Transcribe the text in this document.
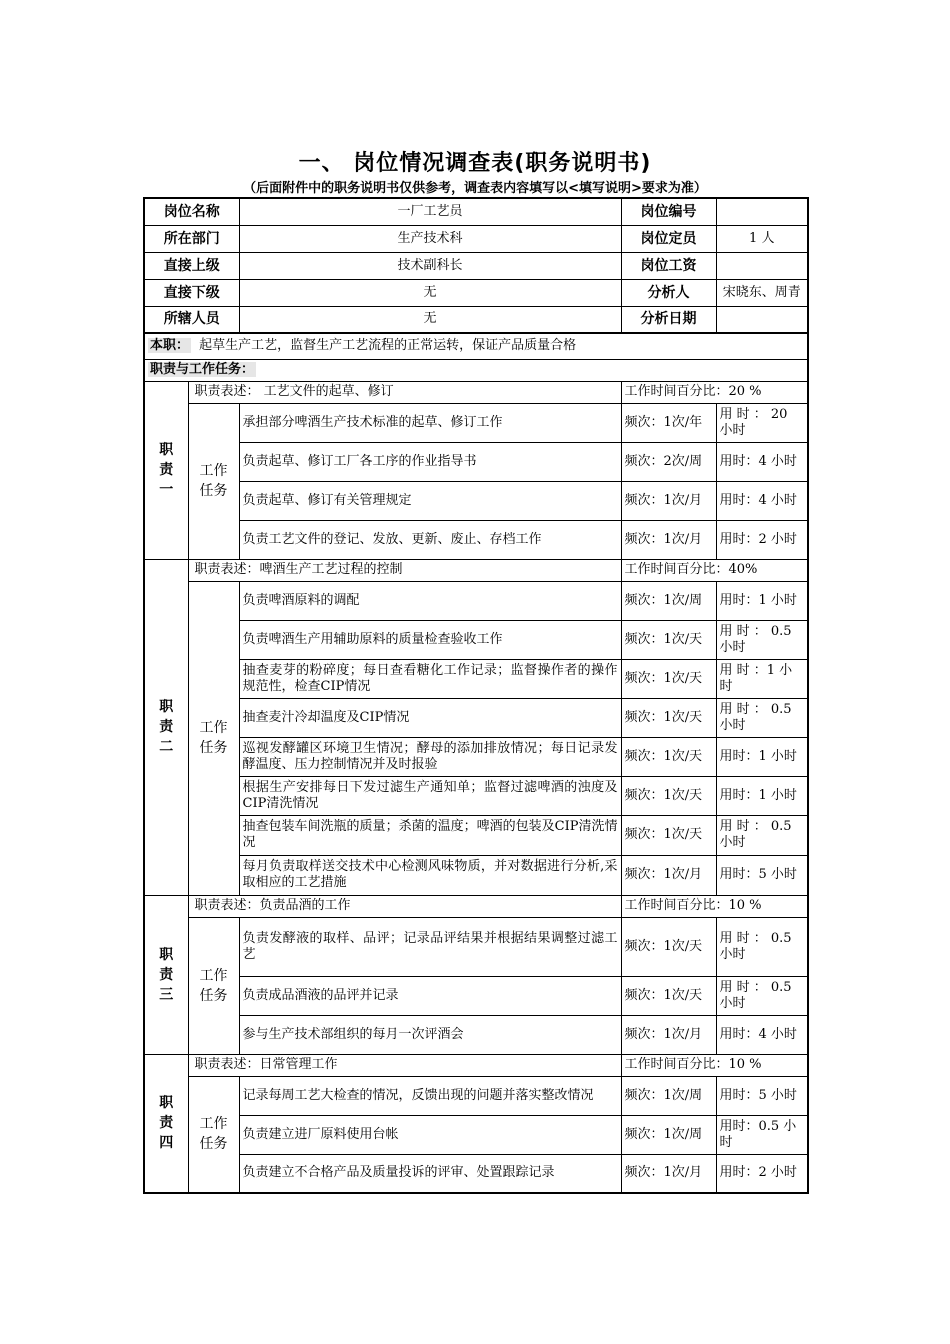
一、 岗位情况调查表(职务说明书)
（后面附件中的职务说明书仅供参考，调查表内容填写以<填写说明>要求为准）
岗位名称		一厂工艺员	岗位编号	
所在部门		生产技术科	岗位定员	1 人
直接上级		技术副科长	岗位工资	
直接下级		无	分析人	宋晓东、周青
所辖人员		无	分析日期	
本职： 起草生产工艺，监督生产工艺流程的正常运转，保证产品质量合格				
职责与工作任务：				

职
责
一	职责表述： 工艺文件的起草、修订		工作时间百分比：20 %	

	工作
任务	承担部分啤酒生产技术标准的起草、修订工作	频次：1次/年	用 时 ： 20 小时
		负责起草、修订工厂各工序的作业指导书	频次：2次/周	用时：4 小时
		负责起草、修订有关管理规定	频次：1次/月	用时：4 小时
		负责工艺文件的登记、发放、更新、废止、存档工作	频次：1次/月	用时：2 小时

职
责
二	职责表述：啤酒生产工艺过程的控制		工作时间百分比：40%	

	工作
任务	负责啤酒原料的调配	频次：1次/周	用时：1 小时
		负责啤酒生产用辅助原料的质量检查验收工作	频次：1次/天	用 时 ： 0.5 小时
		抽查麦芽的粉碎度；每日查看糖化工作记录；监督操作者的操作规范性，检查CIP情况	频次：1次/天	用 时 ：1 小时
		抽查麦汁冷却温度及CIP情况	频次：1次/天	用 时 ： 0.5 小时
		巡视发酵罐区环境卫生情况；酵母的添加排放情况；每日记录发酵温度、压力控制情况并及时报验	频次：1次/天	用时：1 小时
		根据生产安排每日下发过滤生产通知单；监督过滤啤酒的浊度及CIP清洗情况	频次：1次/天	用时：1 小时
		抽查包装车间洗瓶的质量；杀菌的温度；啤酒的包装及CIP清洗情况	频次：1次/天	用 时 ： 0.5 小时
		每月负责取样送交技术中心检测风味物质，并对数据进行分析,采取相应的工艺措施	频次：1次/月	用时：5 小时

职
责
三	职责表述：负责品酒的工作		工作时间百分比：10 %	

	工作
任务	负责发酵液的取样、品评；记录品评结果并根据结果调整过滤工艺	频次：1次/天	用 时 ： 0.5 小时
		负责成品酒液的品评并记录	频次：1次/天	用 时 ： 0.5 小时
		参与生产技术部组织的每月一次评酒会	频次：1次/月	用时：4 小时

职
责
四	职责表述：日常管理工作		工作时间百分比：10 %	

	工作
任务	记录每周工艺大检查的情况，反馈出现的问题并落实整改情况	频次：1次/周	用时：5 小时
		负责建立进厂原料使用台帐	频次：1次/周	用时：0.5 小时
		负责建立不合格产品及质量投诉的评审、处置跟踪记录	频次：1次/月	用时：2 小时
